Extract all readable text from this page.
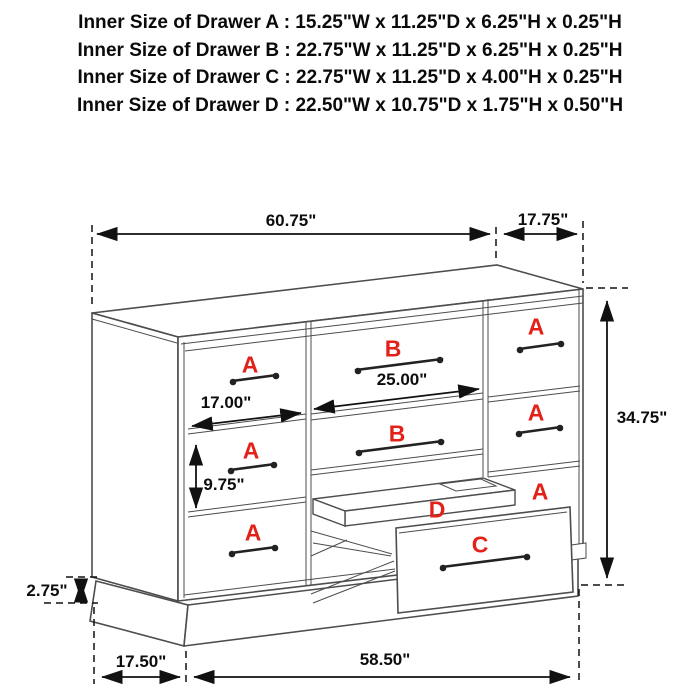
Inner Size of Drawer A : 15.25"W x 11.25"D x 6.25"H x 0.25"H
Inner Size of Drawer B : 22.75"W x 11.25"D x 6.25"H x 0.25"H
Inner Size of Drawer C : 22.75"W x 11.25"D x 4.00"H x 0.25"H
Inner Size of Drawer D : 22.50"W x 10.75"D x 1.75"H x 0.50"H
60.75"	17.75"
34.75"
17.00"
25.00"
9.75"
2.75"
17.50"	58.50"
A
A
A
B
B
A
A
A
D
C
